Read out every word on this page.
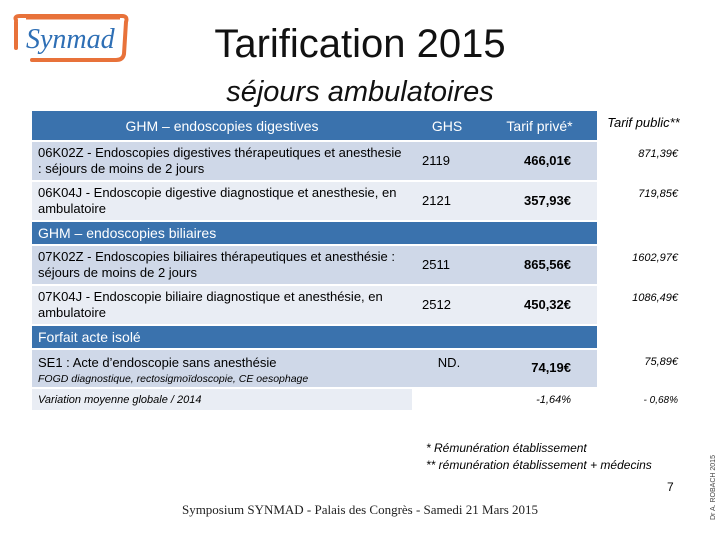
Synmad	Tarification 2015
séjours ambulatoires
GHM – endoscopies digestives	GHS	Tarif privé*	Tarif public**
06K02Z - Endoscopies digestives thérapeutiques et anesthesie : séjours de moins de 2 jours	2119	466,01€	871,39€
06K04J - Endoscopie digestive diagnostique et anesthesie, en ambulatoire	2121	357,93€	719,85€
GHM – endoscopies biliaires			
07K02Z - Endoscopies biliaires thérapeutiques et anesthésie : séjours de moins de 2 jours	2511	865,56€	1602,97€
07K04J - Endoscopie biliaire diagnostique et anesthésie, en ambulatoire	2512	450,32€	1086,49€
Forfait acte isolé			

SE1 : Acte d’endoscopie sans anesthésie
FOGD diagnostique, rectosigmoïdoscopie, CE oesophage	ND.	74,19€	75,89€
Variation moyenne globale / 2014		-1,64%	- 0,68%
* Rémunération établissement
** rémunération établissement + médecins
Symposium SYNMAD - Palais des Congrès - Samedi 21 Mars 2015
7	Dr A. ROBACH 2015
